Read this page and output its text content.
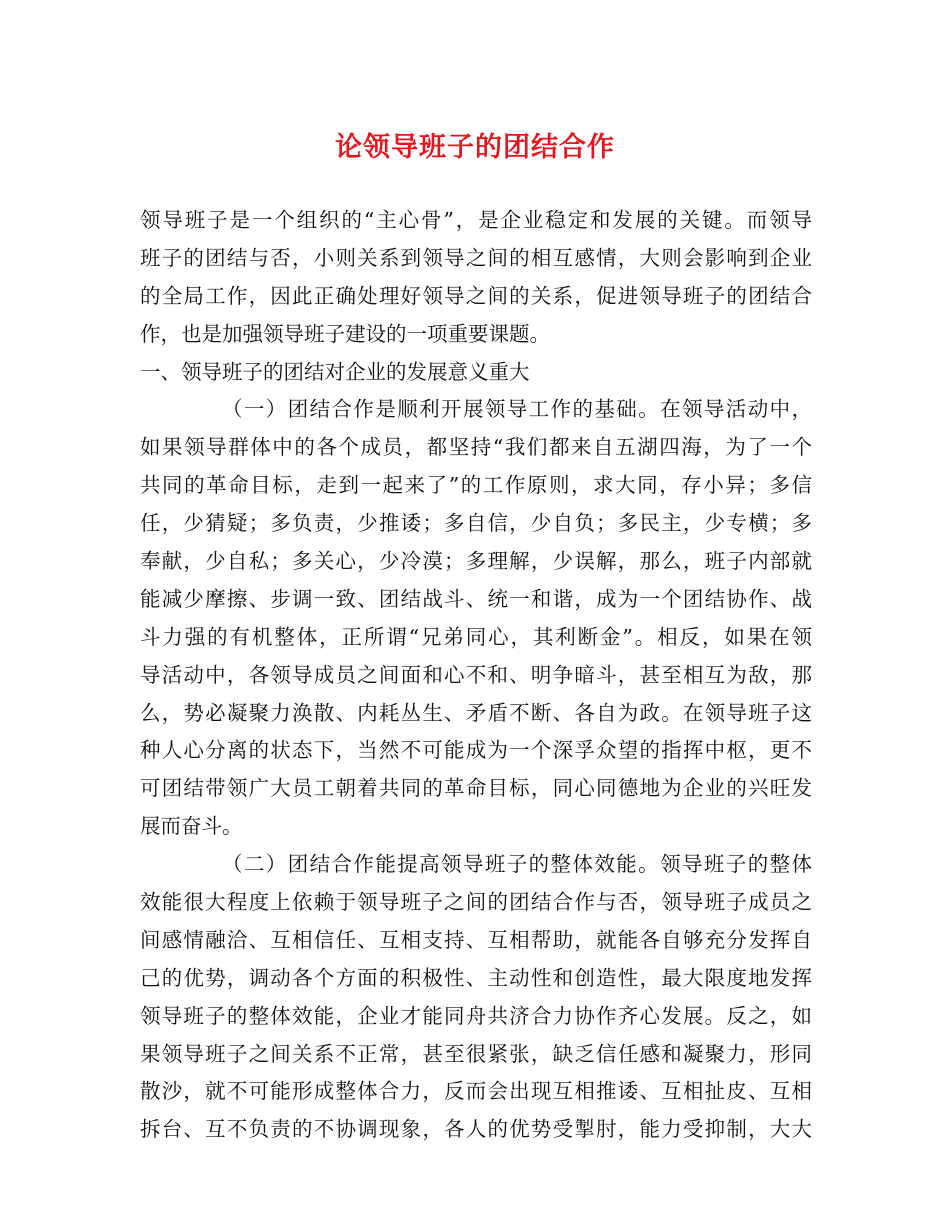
论领导班子的团结合作
领导班子是一个组织的“主心骨”，是企业稳定和发展的关键。而领导
班子的团结与否，小则关系到领导之间的相互感情，大则会影响到企业
的全局工作，因此正确处理好领导之间的关系，促进领导班子的团结合
作，也是加强领导班子建设的一项重要课题。
一、领导班子的团结对企业的发展意义重大
（一）团结合作是顺利开展领导工作的基础。在领导活动中，
如果领导群体中的各个成员，都坚持“我们都来自五湖四海，为了一个
共同的革命目标，走到一起来了”的工作原则，求大同，存小异；多信
任，少猜疑；多负责，少推诿；多自信，少自负；多民主，少专横；多
奉献，少自私；多关心，少冷漠；多理解，少误解，那么，班子内部就
能减少摩擦、步调一致、团结战斗、统一和谐，成为一个团结协作、战
斗力强的有机整体，正所谓“兄弟同心，其利断金”。相反，如果在领
导活动中，各领导成员之间面和心不和、明争暗斗，甚至相互为敌，那
么，势必凝聚力涣散、内耗丛生、矛盾不断、各自为政。在领导班子这
种人心分离的状态下，当然不可能成为一个深孚众望的指挥中枢，更不
可团结带领广大员工朝着共同的革命目标，同心同德地为企业的兴旺发
展而奋斗。
（二）团结合作能提高领导班子的整体效能。领导班子的整体
效能很大程度上依赖于领导班子之间的团结合作与否，领导班子成员之
间感情融洽、互相信任、互相支持、互相帮助，就能各自够充分发挥自
己的优势，调动各个方面的积极性、主动性和创造性，最大限度地发挥
领导班子的整体效能，企业才能同舟共济合力协作齐心发展。反之，如
果领导班子之间关系不正常，甚至很紧张，缺乏信任感和凝聚力，形同
散沙，就不可能形成整体合力，反而会出现互相推诿、互相扯皮、互相
拆台、互不负责的不协调现象，各人的优势受掣肘，能力受抑制，大大
